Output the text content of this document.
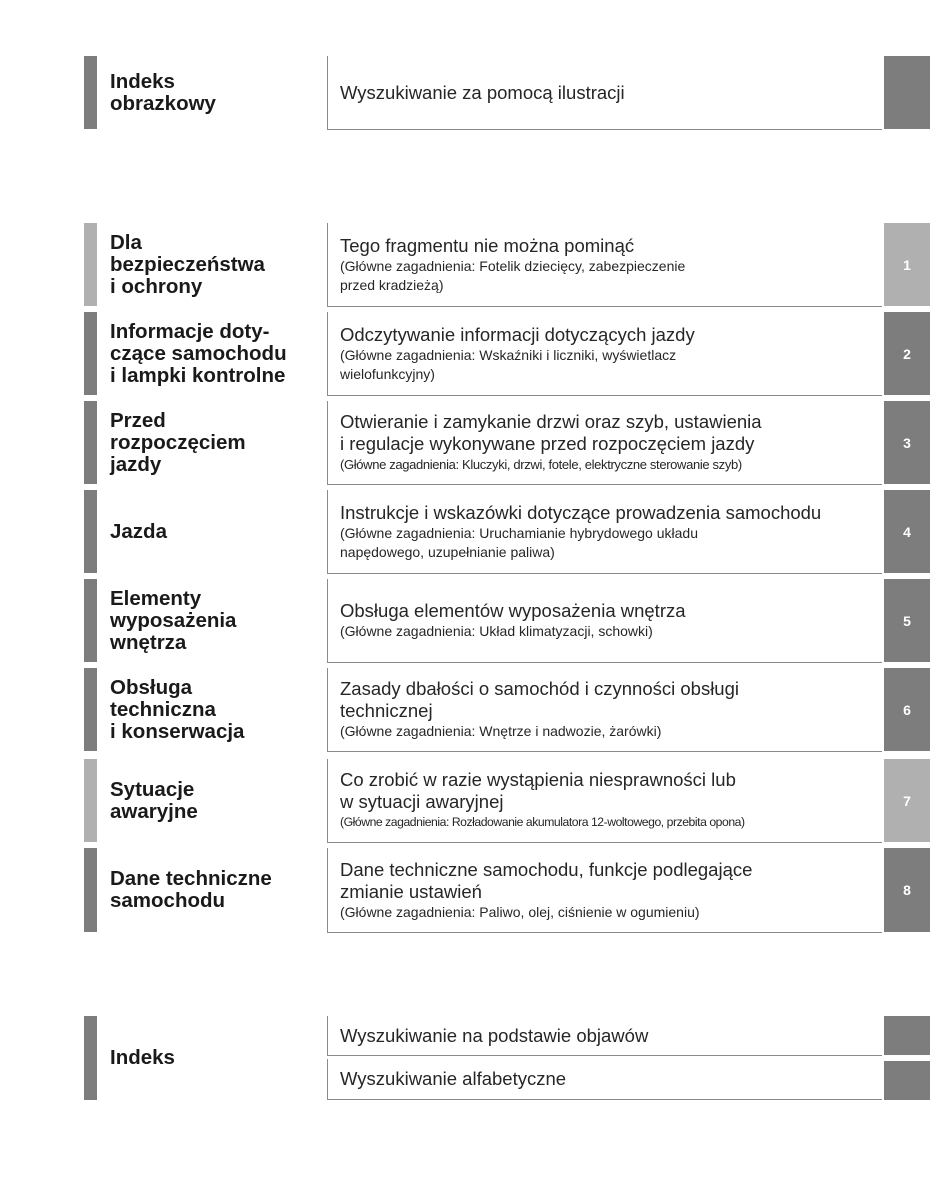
Indeks
obrazkowy	Wyszukiwanie za pomocą ilustracji
Dla
bezpieczeństwa
i ochrony
Tego fragmentu nie można pominąć
(Główne zagadnienia: Fotelik dziecięcy, zabezpieczenie
przed kradzieżą)
1
Informacje doty-
czące samochodu
i lampki kontrolne
Odczytywanie informacji dotyczących jazdy
(Główne zagadnienia: Wskaźniki i liczniki, wyświetlacz
wielofunkcyjny)
2
Przed
rozpoczęciem
jazdy
Otwieranie i zamykanie drzwi oraz szyb, ustawienia
i regulacje wykonywane przed rozpoczęciem jazdy
(Główne zagadnienia: Kluczyki, drzwi, fotele, elektryczne sterowanie szyb)
3
Jazda
Instrukcje i wskazówki dotyczące prowadzenia samochodu
(Główne zagadnienia: Uruchamianie hybrydowego układu
napędowego, uzupełnianie paliwa)
4
Elementy
wyposażenia
wnętrza
Obsługa elementów wyposażenia wnętrza
(Główne zagadnienia: Układ klimatyzacji, schowki)
5
Obsługa
techniczna
i konserwacja
Zasady dbałości o samochód i czynności obsługi
technicznej
(Główne zagadnienia: Wnętrze i nadwozie, żarówki)
6
Sytuacje
awaryjne
Co zrobić w razie wystąpienia niesprawności lub
w sytuacji awaryjnej
(Główne zagadnienia: Rozładowanie akumulatora 12-woltowego, przebita opona)
7
Dane techniczne
samochodu
Dane techniczne samochodu, funkcje podlegające
zmianie ustawień
(Główne zagadnienia: Paliwo, olej, ciśnienie w ogumieniu)
8
Indeks
Wyszukiwanie na podstawie objawów
Wyszukiwanie alfabetyczne
